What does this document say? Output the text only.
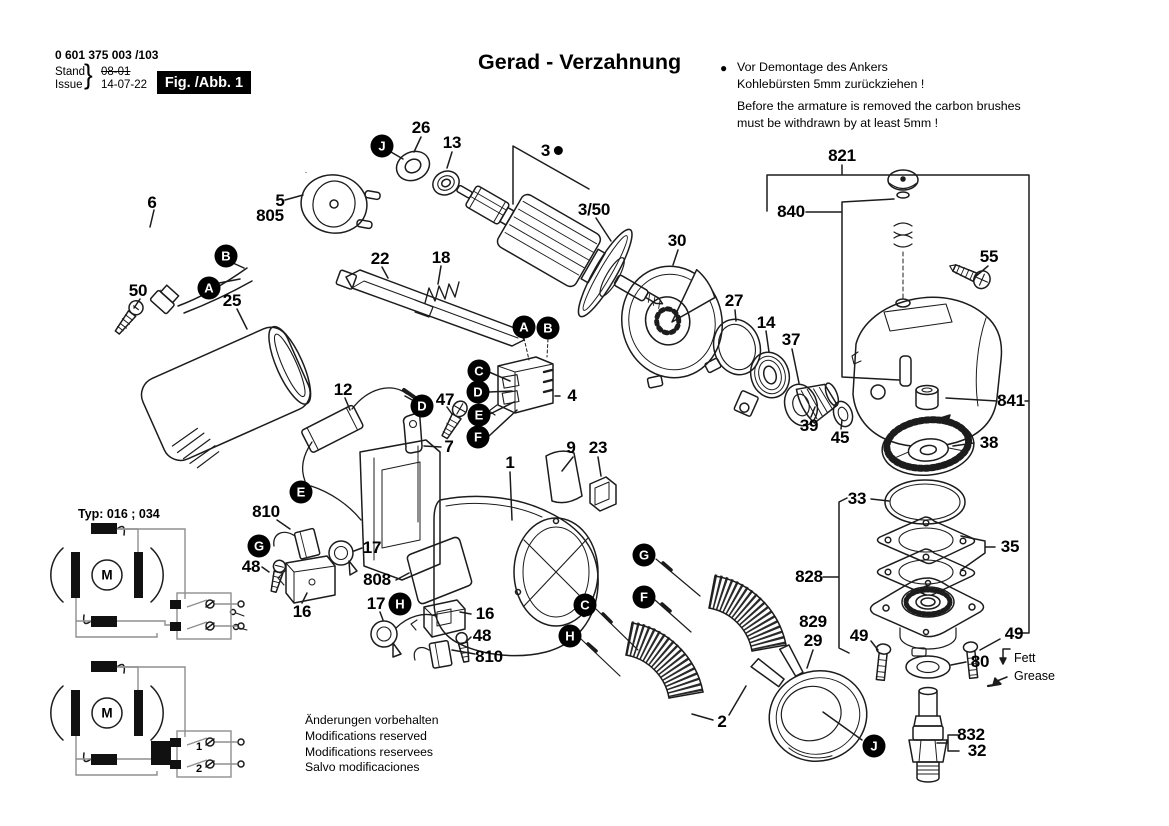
0 601 375 003 /103
Stand
Issue } 08-01
14-07-22	Fig. /Abb. 1
Gerad - Verzahnung	● Vor Demontage des Ankers
Kohlebürsten 5mm zurückziehen !
Before the armature is removed the carbon brushes
must be withdrawn by at least 5mm !
Typ: 016 ; 034
Fett
Grease
Änderungen vorbehalten
Modifications reserved
Modifications reservees
Salvo modificaciones
M
M
1
2
26
13	3
3/50
30
27
14
37
39
45
821
840
55
841
38
33
35
828
829
29 49	49
80
832
32
6	5
805
50
25
22 18
12
47
7
4
9 23
1
810
17
48
16
808
17
16
48
810
2
J
B
A
A	B
C
D
E
F
D
E
G
H
G
F
C
H
J
